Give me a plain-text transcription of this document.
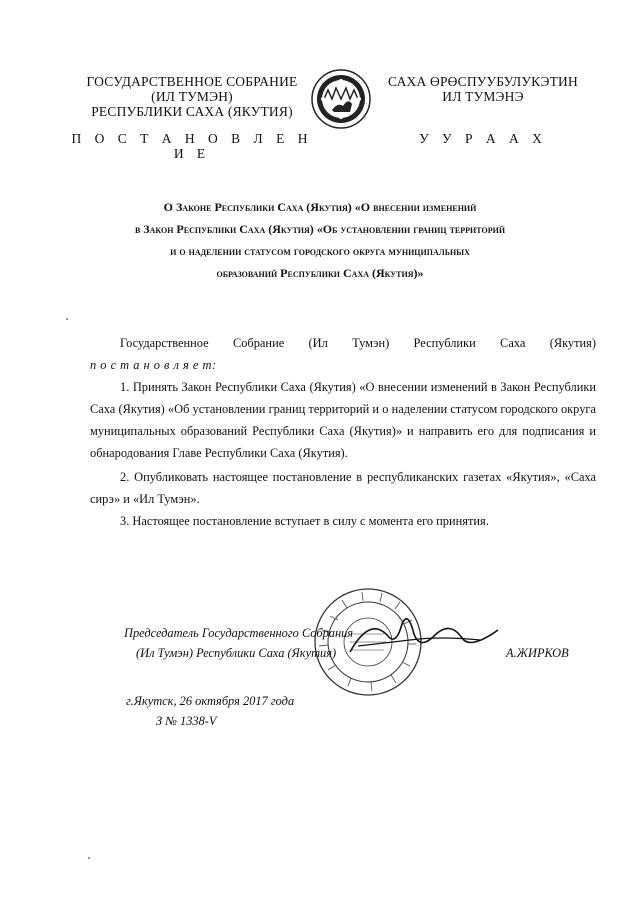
ГОСУДАРСТВЕННОЕ СОБРАНИЕ
(ИЛ ТУМЭН)
РЕСПУБЛИКИ САХА (ЯКУТИЯ)
П О С Т А Н О В Л Е Н И Е
САХА ӨРӨСПУУБУЛУКЭТИН
ИЛ ТУМЭНЭ
У У Р А А Х
О Законе Республики Саха (Якутия) «О внесении изменений
в Закон Республики Саха (Якутия) «Об установлении границ территорий
и о наделении статусом городского округа муниципальных
образований Республики Саха (Якутия)»
Государственное Собрание (Ил Тумэн) Республики Саха (Якутия)
п о с т а н о в л я е т:
1. Принять Закон Республики Саха (Якутия) «О внесении изменений в Закон Республики Саха (Якутия) «Об установлении границ территорий и о наделении статусом городского округа муниципальных образований Республики Саха (Якутия)» и направить его для подписания и обнародования Главе Республики Саха (Якутия).
2. Опубликовать настоящее постановление в республиканских газетах «Якутия», «Саха сирэ» и «Ил Тумэн».
3. Настоящее постановление вступает в силу с момента его принятия.
Председатель Государственного Собрания
(Ил Тумэн) Республики Саха (Якутия)	А.ЖИРКОВ
г.Якутск, 26 октября 2017 года
З № 1338-V
